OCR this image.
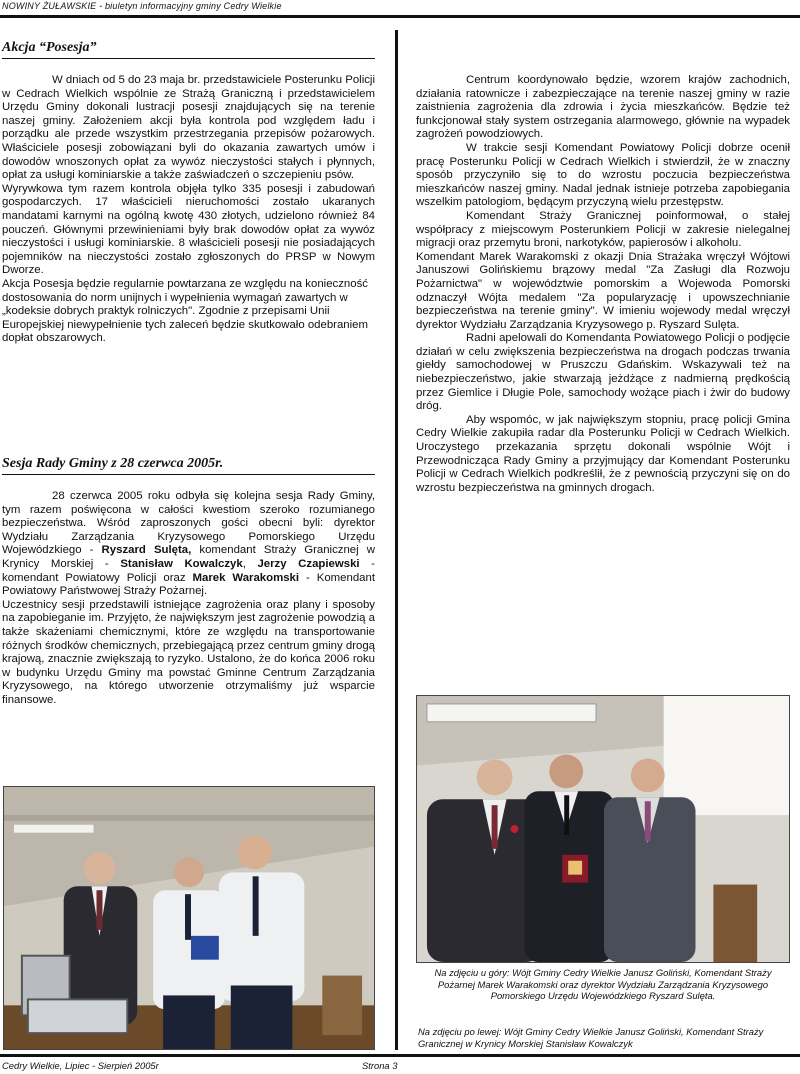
NOWINY ŻUŁAWSKIE - biuletyn informacyjny gminy Cedry Wielkie
Akcja “Posesja”

W dniach od 5 do 23 maja br. przedstawiciele Posterunku Policji w Cedrach Wielkich wspólnie ze Strażą Graniczną i przedstawicielem Urzędu Gminy dokonali lustracji posesji znajdujących się na terenie naszej gminy. Założeniem akcji była kontrola pod względem ładu i porządku ale przede wszystkim przestrzegania przepisów pożarowych. Właściciele posesji zobowiązani byli do okazania zawartych umów i dowodów wnoszonych opłat za wywóz nieczystości stałych i płynnych, opłat za usługi kominiarskie a także zaświadczeń o szczepieniu psów.

Wyrywkowa tym razem kontrola objęła tylko 335 posesji i zabudowań gospodarczych. 17 właścicieli nieruchomości zostało ukaranych mandatami karnymi na ogólną kwotę 430 złotych, udzielono również 84 pouczeń. Głównymi przewinieniami były brak dowodów opłat za wywóz nieczystości i usługi kominiarskie. 8 właścicieli posesji nie posiadających pojemników na nieczystości zostało zgłoszonych do PRSP w Nowym Dworze.

Akcja Posesja będzie regularnie powtarzana ze względu na konieczność dostosowania do norm unijnych i wypełnienia wymagań zawartych w „kodeksie dobrych praktyk rolniczych". Zgodnie z przepisami Unii Europejskiej niewypełnienie tych zaleceń będzie skutkowało odebraniem dopłat obszarowych.

Sesja Rady Gminy z 28 czerwca 2005r.

28 czerwca 2005 roku odbyła się kolejna sesja Rady Gminy, tym razem poświęcona w całości kwestiom szeroko rozumianego bezpieczeństwa. Wśród zaproszonych gości obecni byli: dyrektor Wydziału Zarządzania Kryzysowego Pomorskiego Urzędu Wojewódzkiego - Ryszard Sulęta, komendant Straży Granicznej w Krynicy Morskiej - Stanisław Kowalczyk, Jerzy Czapiewski - komendant Powiatowy Policji oraz Marek Warakomski - Komendant Powiatowy Państwowej Straży Pożarnej.

Uczestnicy sesji przedstawili istniejące zagrożenia oraz plany i sposoby na zapobieganie im. Przyjęto, że największym jest zagrożenie powodzią a także skażeniami chemicznymi, które ze względu na transportowanie różnych środków chemicznych, przebiegającą przez centrum gminy drogą krajową, znacznie zwiększają to ryzyko. Ustalono, że do końca 2006 roku w budynku Urzędu Gminy ma powstać Gminne Centrum Zarządzania Kryzysowego, na którego utworzenie otrzymaliśmy już wsparcie finansowe.

Centrum koordynowało będzie, wzorem krajów zachodnich, działania ratownicze i zabezpieczające na terenie naszej gminy w razie zaistnienia zagrożenia dla zdrowia i życia mieszkańców. Będzie też funkcjonował stały system ostrzegania alarmowego, głównie na wypadek zagrożeń powodziowych.

W trakcie sesji Komendant Powiatowy Policji dobrze ocenił pracę Posterunku Policji w Cedrach Wielkich i stwierdził, że w znaczny sposób przyczyniło się to do wzrostu poczucia bezpieczeństwa mieszkańców naszej gminy. Nadal jednak istnieje potrzeba zapobiegania wszelkim patologiom, będącym przyczyną wielu przestępstw.

Komendant Straży Granicznej poinformował, o stałej współpracy z miejscowym Posterunkiem Policji w zakresie nielegalnej migracji oraz przemytu broni, narkotyków, papierosów i alkoholu.

Komendant Marek Warakomski z okazji Dnia Strażaka wręczył Wójtowi Januszowi Golińskiemu brązowy medal "Za Zasługi dla Rozwoju Pożarnictwa" w województwie pomorskim a Wojewoda Pomorski odznaczył Wójta medalem "Za popularyzację i upowszechnianie bezpieczeństwa na terenie gminy". W imieniu wojewody medal wręczył dyrektor Wydziału Zarządzania Kryzysowego p. Ryszard Sulęta.

Radni apelowali do Komendanta Powiatowego Policji o podjęcie działań w celu zwiększenia bezpieczeństwa na drogach podczas trwania giełdy samochodowej w Pruszczu Gdańskim. Wskazywali też na niebezpieczeństwo, jakie stwarzają jeżdżące z nadmierną prędkością przez Giemlice i Długie Pole, samochody wożące piach i żwir do budowy dróg.

Aby wspomóc, w jak największym stopniu, pracę policji Gmina Cedry Wielkie zakupiła radar dla Posterunku Policji w Cedrach Wielkich. Uroczystego przekazania sprzętu dokonali wspólnie Wójt i Przewodnicząca Rady Gminy a przyjmujący dar Komendant Posterunku Policji w Cedrach Wielkich podkreślił, że z pewnością przyczyni się on do wzrostu bezpieczeństwa na gminnych drogach.

Na zdjęciu u góry: Wójt Gminy Cedry Wielkie Janusz Goliński, Komendant Straży Pożarnej Marek Warakomski oraz dyrektor Wydziału Zarządzania Kryzysowego Pomorskiego Urzędu Wojewódzkiego Ryszard Sulęta.
Na zdjęciu po lewej: Wójt Gminy Cedry Wielkie Janusz Goliński, Komendant Straży Granicznej w Krynicy Morskiej Stanisław Kowalczyk
Cedry Wielkie, Lipiec - Sierpień 2005r	Strona 3
